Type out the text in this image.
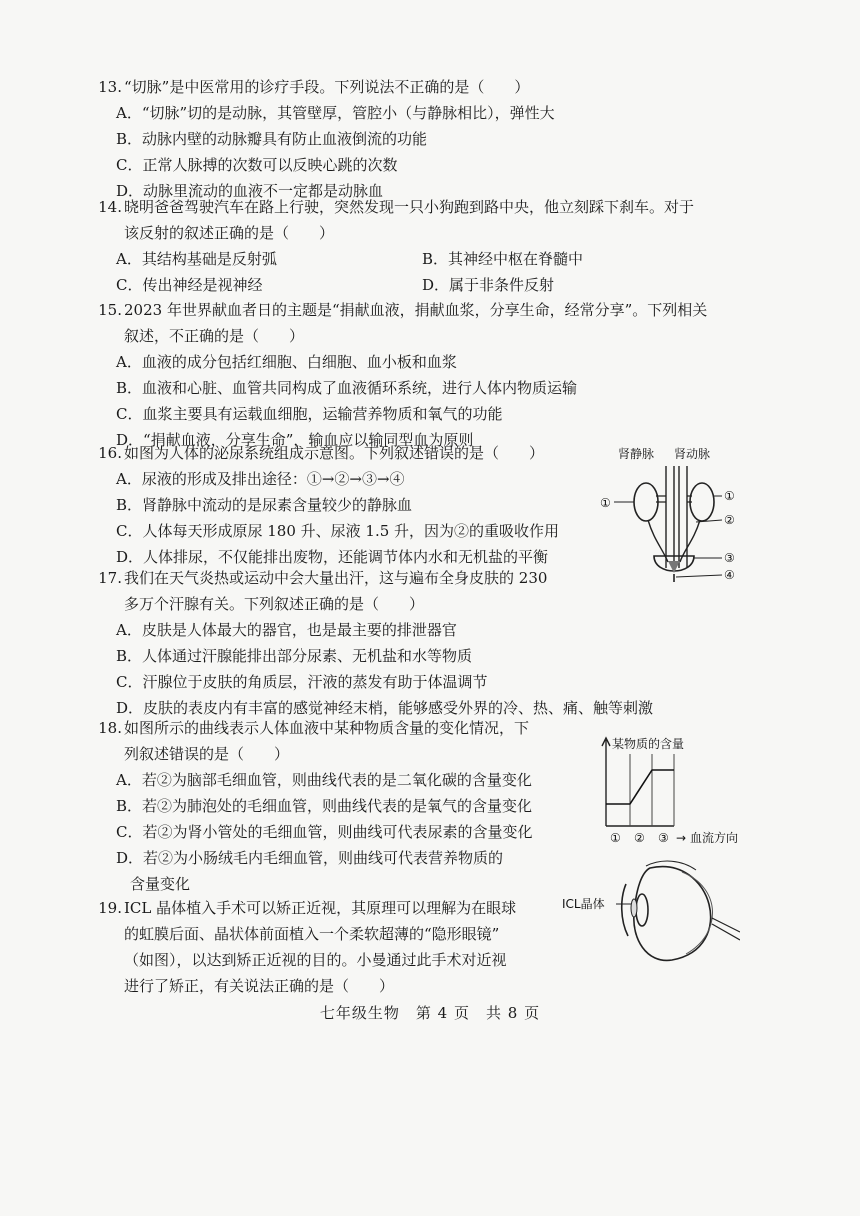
13. “切脉”是中医常用的诊疗手段。下列说法不正确的是（　　）
A．“切脉”切的是动脉，其管壁厚，管腔小（与静脉相比），弹性大
B．动脉内壁的动脉瓣具有防止血液倒流的功能
C．正常人脉搏的次数可以反映心跳的次数
D．动脉里流动的血液不一定都是动脉血
14. 晓明爸爸驾驶汽车在路上行驶，突然发现一只小狗跑到路中央，他立刻踩下刹车。对于
该反射的叙述正确的是（　　）
A．其结构基础是反射弧	B．其神经中枢在脊髓中
C．传出神经是视神经	D．属于非条件反射
15. 2023 年世界献血者日的主题是“捐献血液，捐献血浆，分享生命，经常分享”。下列相关
叙述，不正确的是（　　）
A．血液的成分包括红细胞、白细胞、血小板和血浆
B．血液和心脏、血管共同构成了血液循环系统，进行人体内物质运输
C．血浆主要具有运载血细胞，运输营养物质和氧气的功能
D．“捐献血液，分享生命”，输血应以输同型血为原则
16. 如图为人体的泌尿系统组成示意图。下列叙述错误的是（　　）
A．尿液的形成及排出途径：①→②→③→④
B．肾静脉中流动的是尿素含量较少的静脉血
C．人体每天形成原尿 180 升、尿液 1.5 升，因为②的重吸收作用
D．人体排尿，不仅能排出废物，还能调节体内水和无机盐的平衡
肾静脉 肾动脉
①	①
②
③
④
17. 我们在天气炎热或运动中会大量出汗，这与遍布全身皮肤的 230
多万个汗腺有关。下列叙述正确的是（　　）
A．皮肤是人体最大的器官，也是最主要的排泄器官
B．人体通过汗腺能排出部分尿素、无机盐和水等物质
C．汗腺位于皮肤的角质层，汗液的蒸发有助于体温调节
D．皮肤的表皮内有丰富的感觉神经末梢，能够感受外界的冷、热、痛、触等刺激
18. 如图所示的曲线表示人体血液中某种物质含量的变化情况，下
列叙述错误的是（　　）
A．若②为脑部毛细血管，则曲线代表的是二氧化碳的含量变化
B．若②为肺泡处的毛细血管，则曲线代表的是氧气的含量变化
C．若②为肾小管处的毛细血管，则曲线可代表尿素的含量变化
D．若②为小肠绒毛内毛细血管，则曲线可代表营养物质的
含量变化
某物质的含量
① ② ③ → 血流方向
19. ICL 晶体植入手术可以矫正近视，其原理可以理解为在眼球
的虹膜后面、晶状体前面植入一个柔软超薄的“隐形眼镜”
（如图），以达到矫正近视的目的。小曼通过此手术对近视
进行了矫正，有关说法正确的是（　　）
ICL晶体
七年级生物　第 4 页　共 8 页
